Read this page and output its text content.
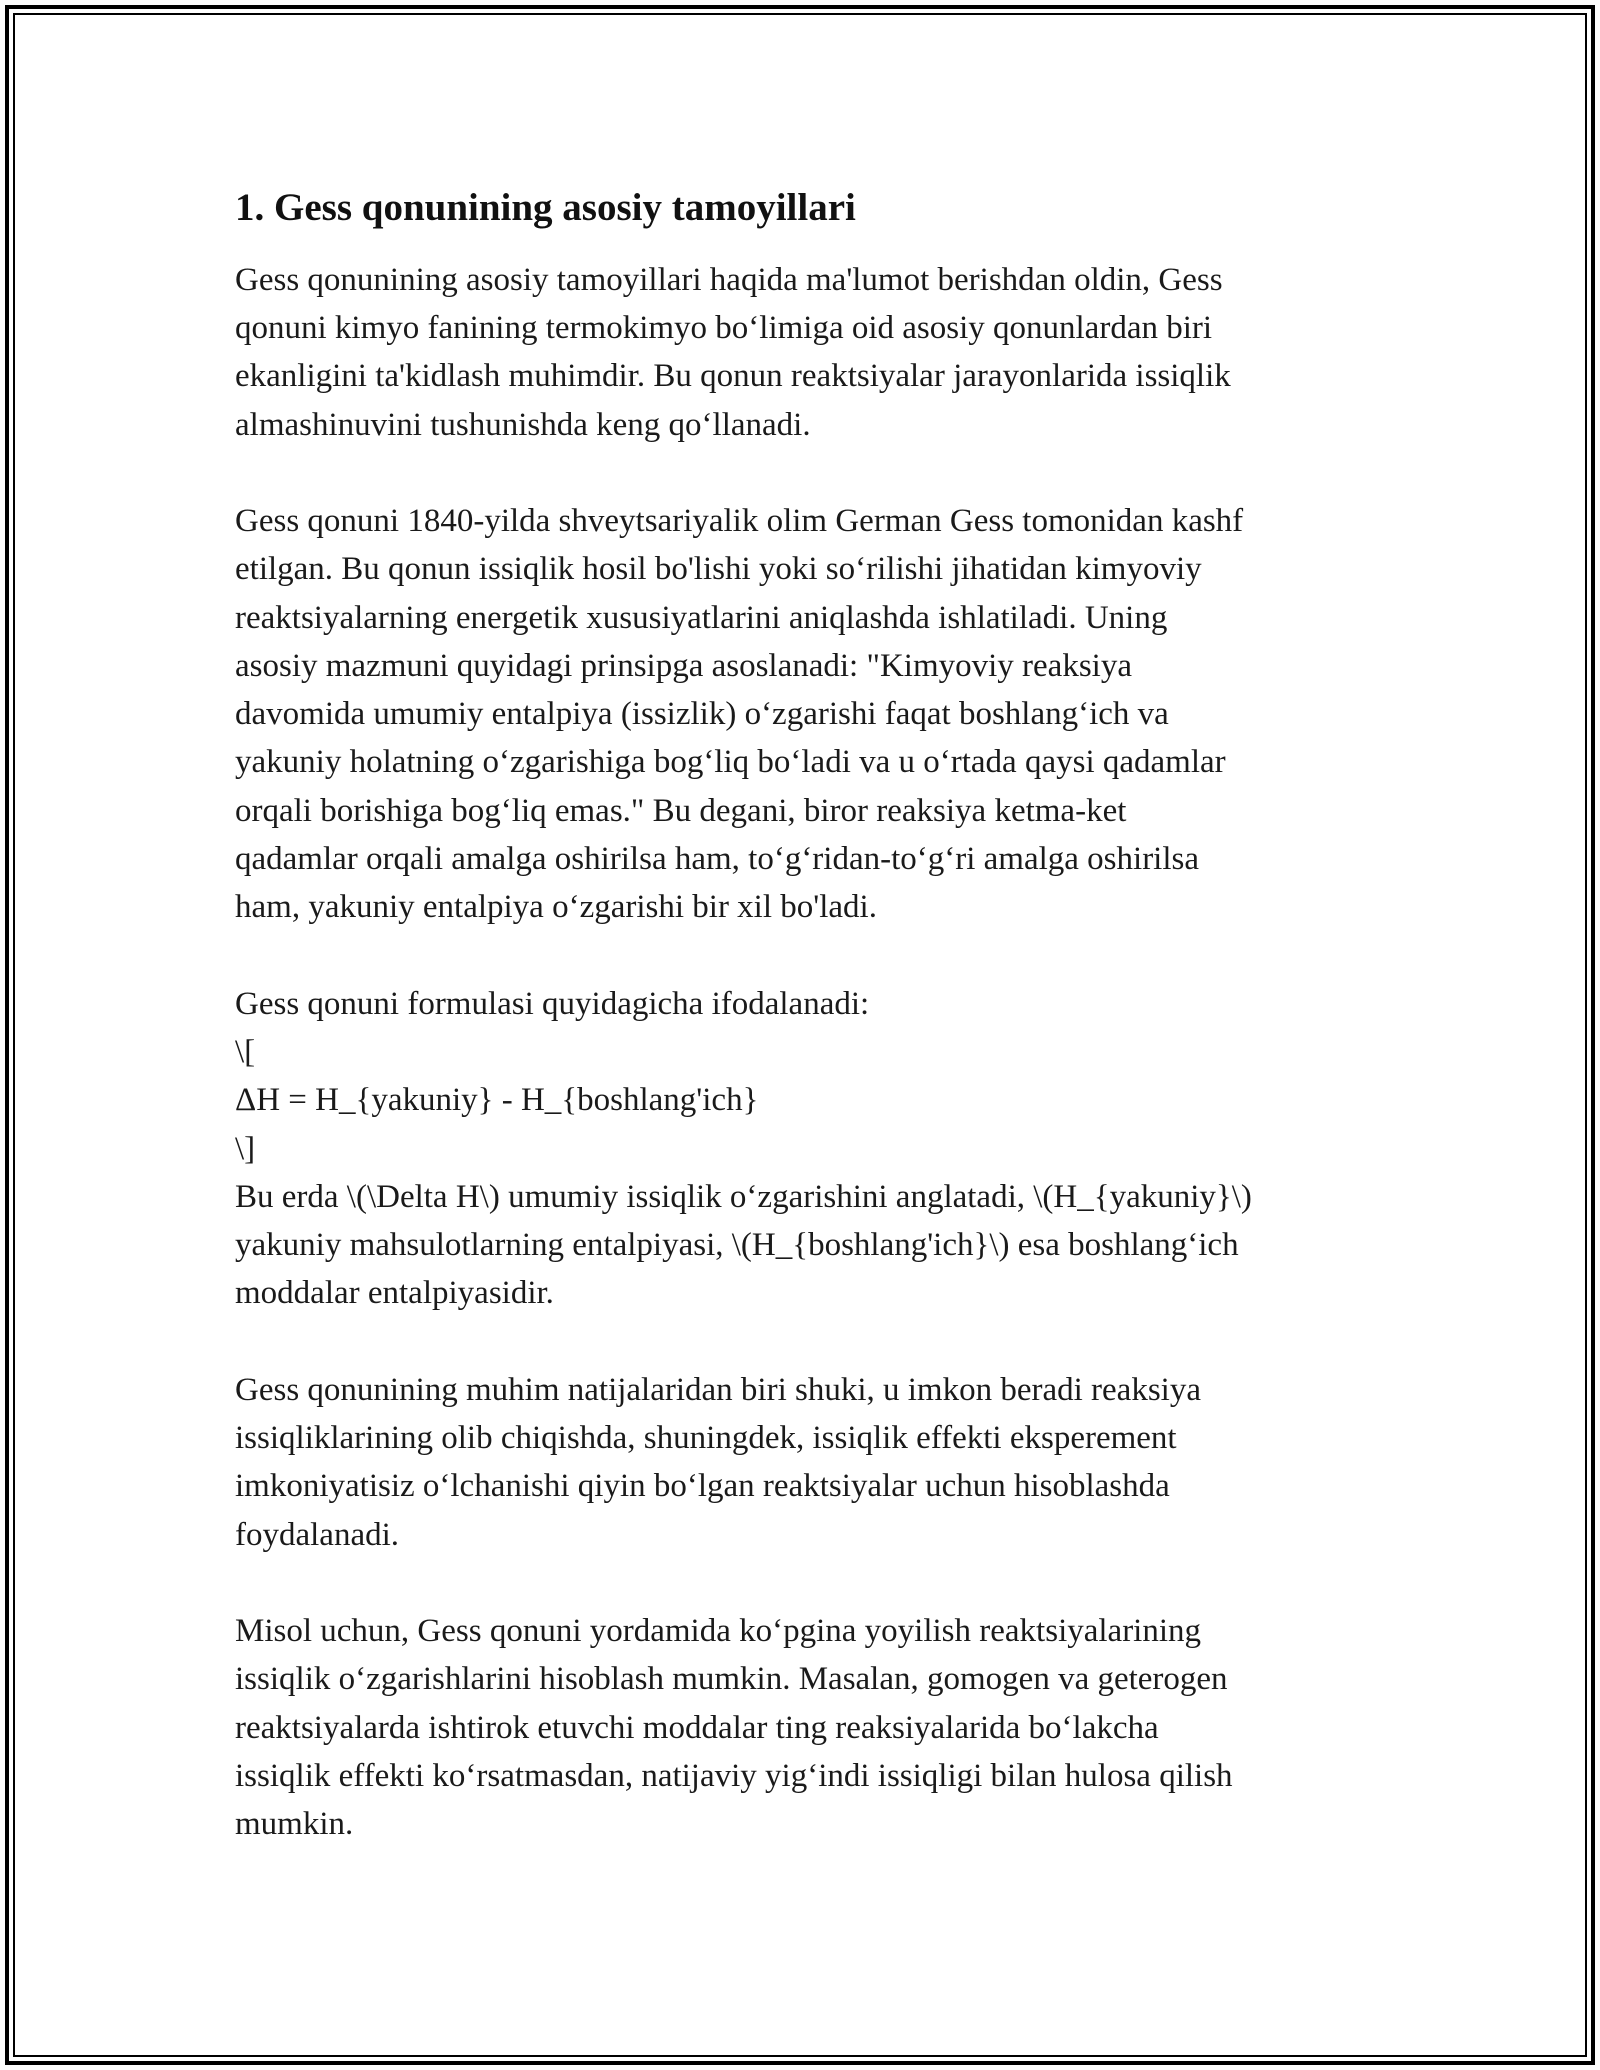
1. Gess qonunining asosiy tamoyillari

Gess qonunining asosiy tamoyillari haqida ma'lumot berishdan oldin, Gess
qonuni kimyo fanining termokimyo bo‘limiga oid asosiy qonunlardan biri
ekanligini ta'kidlash muhimdir. Bu qonun reaktsiyalar jarayonlarida issiqlik
almashinuvini tushunishda keng qo‘llanadi.

Gess qonuni 1840-yilda shveytsariyalik olim German Gess tomonidan kashf
etilgan. Bu qonun issiqlik hosil bo'lishi yoki so‘rilishi jihatidan kimyoviy
reaktsiyalarning energetik xususiyatlarini aniqlashda ishlatiladi. Uning
asosiy mazmuni quyidagi prinsipga asoslanadi: "Kimyoviy reaksiya
davomida umumiy entalpiya (issizlik) o‘zgarishi faqat boshlang‘ich va
yakuniy holatning o‘zgarishiga bog‘liq bo‘ladi va u o‘rtada qaysi qadamlar
orqali borishiga bog‘liq emas." Bu degani, biror reaksiya ketma-ket
qadamlar orqali amalga oshirilsa ham, to‘g‘ridan-to‘g‘ri amalga oshirilsa
ham, yakuniy entalpiya o‘zgarishi bir xil bo'ladi.

Gess qonuni formulasi quyidagicha ifodalanadi:
\[
ΔH = H_{yakuniy} - H_{boshlang'ich}
\]
Bu erda \(\Delta H\) umumiy issiqlik o‘zgarishini anglatadi, \(H_{yakuniy}\)
yakuniy mahsulotlarning entalpiyasi, \(H_{boshlang'ich}\) esa boshlang‘ich
moddalar entalpiyasidir.

Gess qonunining muhim natijalaridan biri shuki, u imkon beradi reaksiya
issiqliklarining olib chiqishda, shuningdek, issiqlik effekti eksperement
imkoniyatisiz o‘lchanishi qiyin bo‘lgan reaktsiyalar uchun hisoblashda
foydalanadi.

Misol uchun, Gess qonuni yordamida ko‘pgina yoyilish reaktsiyalarining
issiqlik o‘zgarishlarini hisoblash mumkin. Masalan, gomogen va geterogen
reaktsiyalarda ishtirok etuvchi moddalar ting reaksiyalarida bo‘lakcha
issiqlik effekti ko‘rsatmasdan, natijaviy yig‘indi issiqligi bilan hulosa qilish
mumkin.
